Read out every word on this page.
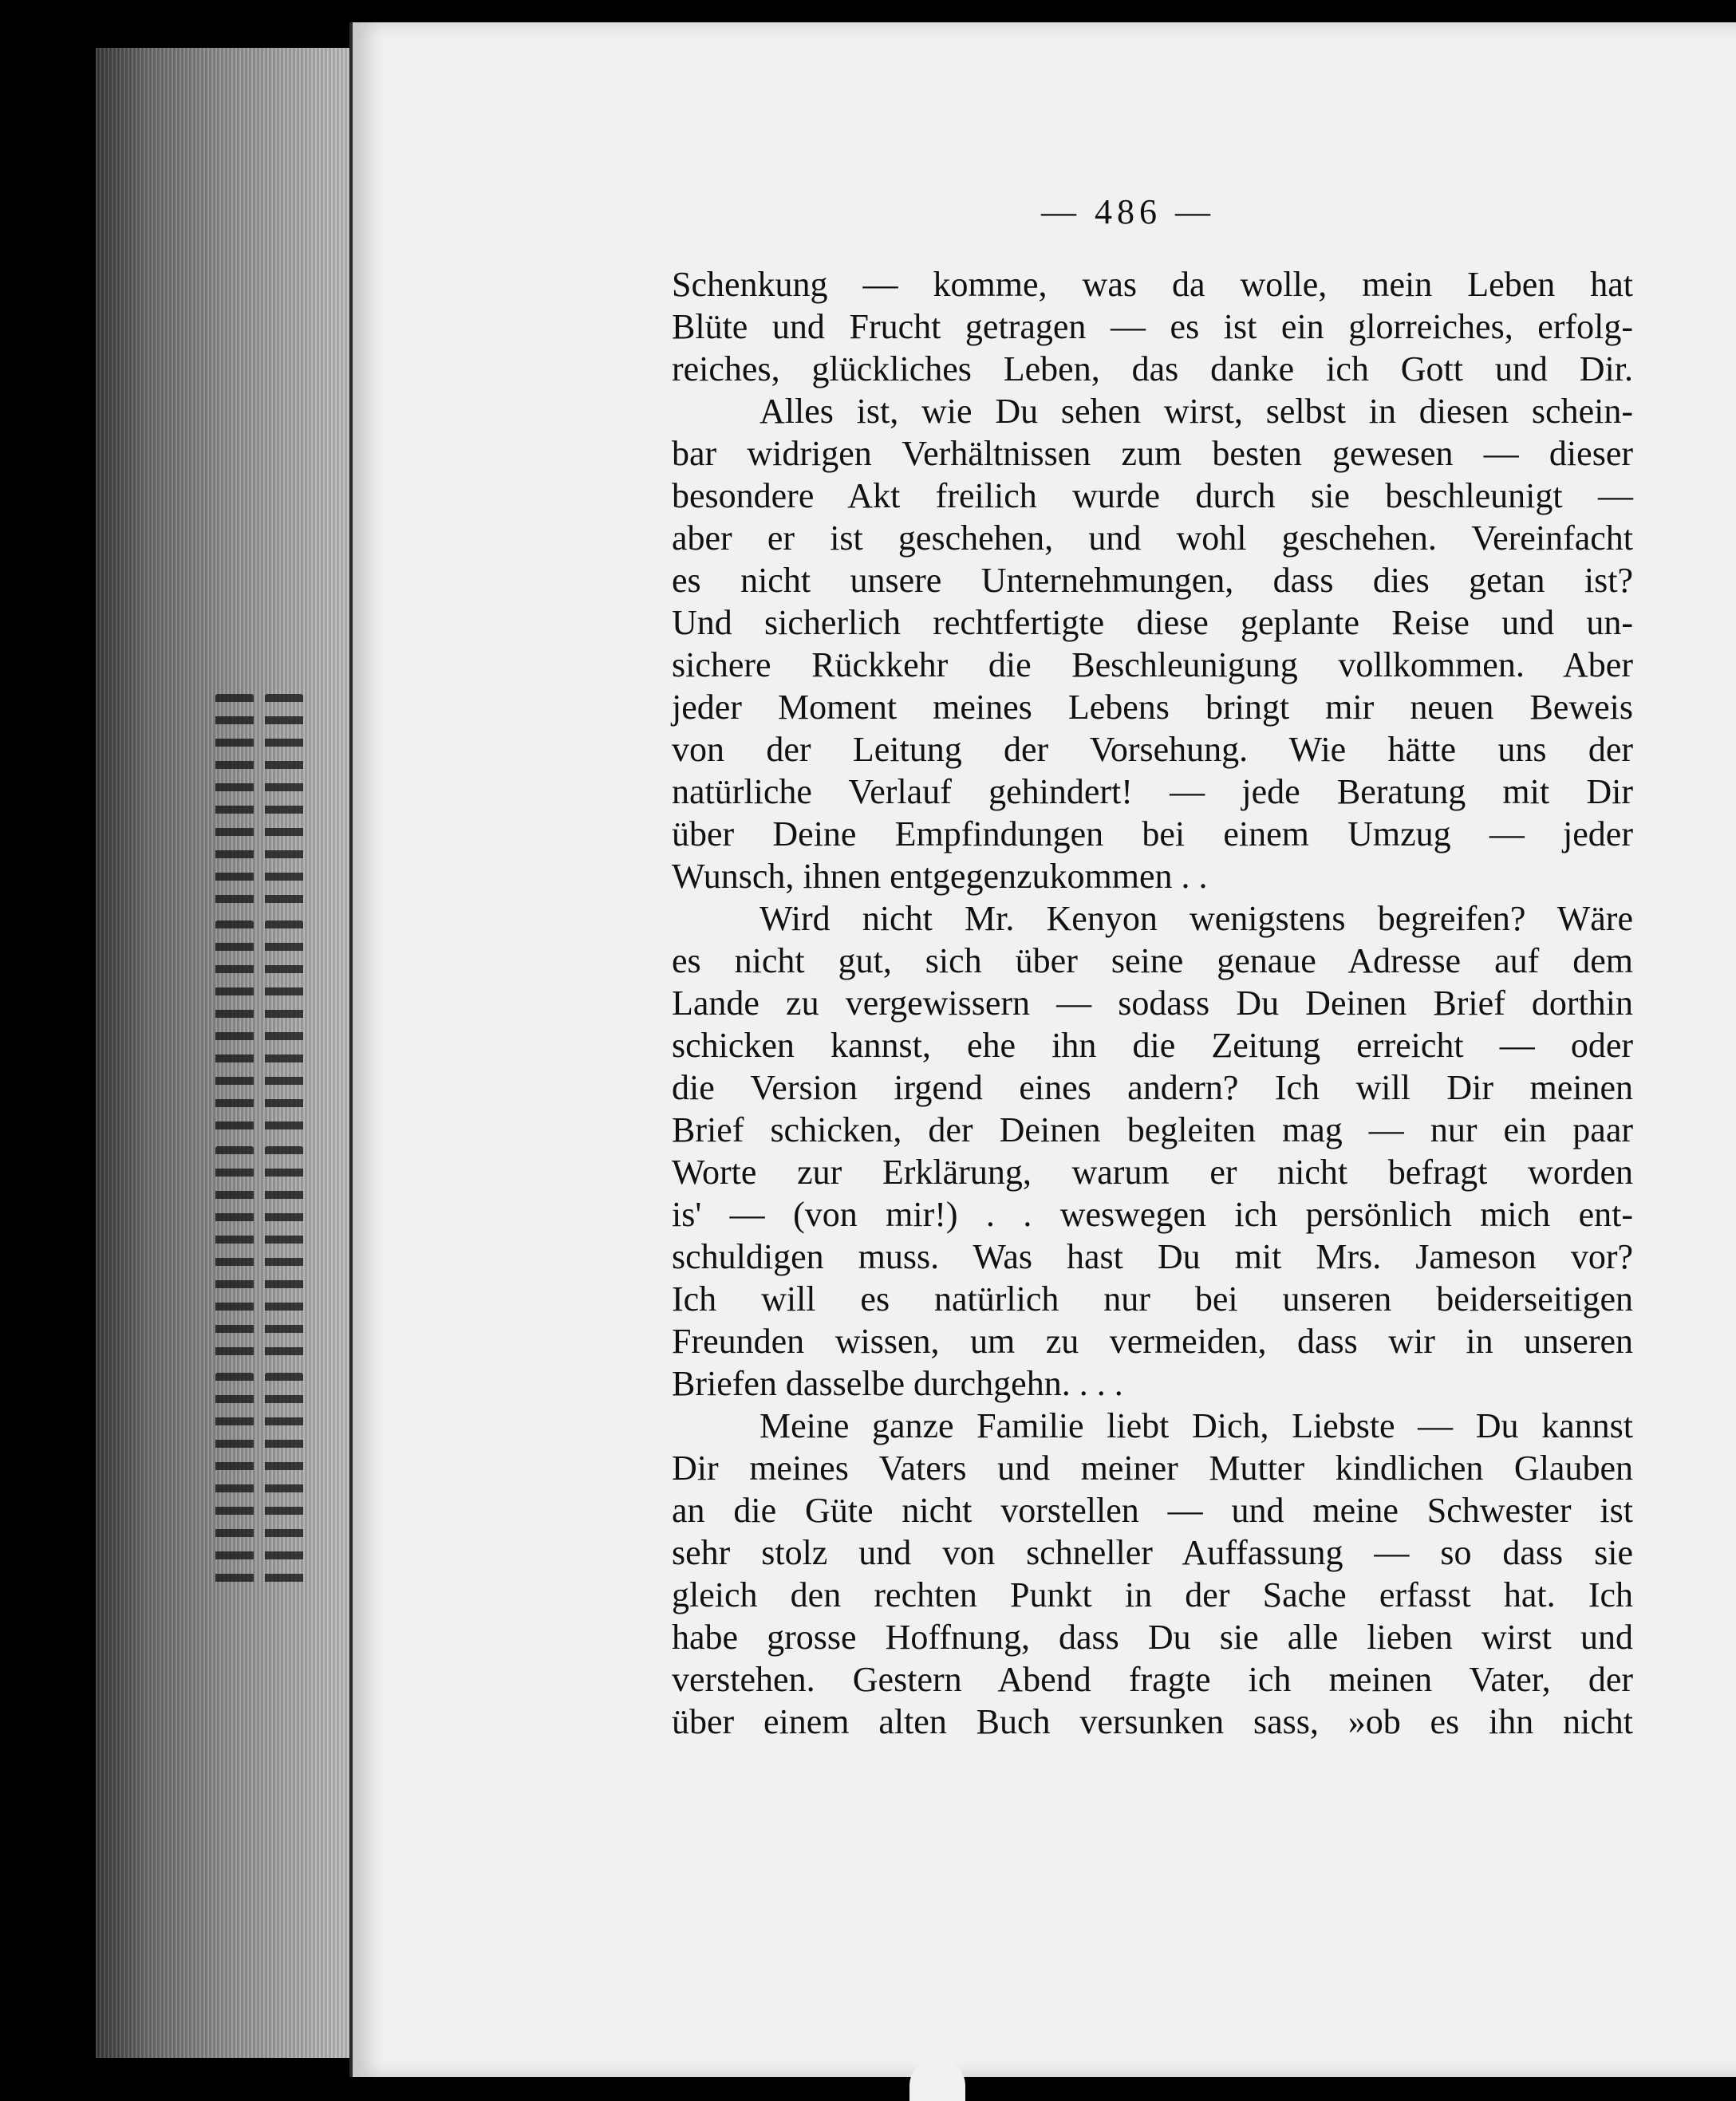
— 486 —
Schenkung — komme, was da wolle, mein Leben hat
Blüte und Frucht getragen — es ist ein glorreiches, erfolg-
reiches, glückliches Leben, das danke ich Gott und Dir.
Alles ist, wie Du sehen wirst, selbst in diesen schein-
bar widrigen Verhältnissen zum besten gewesen — dieser
besondere Akt freilich wurde durch sie beschleunigt —
aber er ist geschehen, und wohl geschehen. Vereinfacht
es nicht unsere Unternehmungen, dass dies getan ist?
Und sicherlich rechtfertigte diese geplante Reise und un-
sichere Rückkehr die Beschleunigung vollkommen. Aber
jeder Moment meines Lebens bringt mir neuen Beweis
von der Leitung der Vorsehung. Wie hätte uns der
natürliche Verlauf gehindert! — jede Beratung mit Dir
über Deine Empfindungen bei einem Umzug — jeder
Wunsch, ihnen entgegenzukommen . .
Wird nicht Mr. Kenyon wenigstens begreifen? Wäre
es nicht gut, sich über seine genaue Adresse auf dem
Lande zu vergewissern — sodass Du Deinen Brief dorthin
schicken kannst, ehe ihn die Zeitung erreicht — oder
die Version irgend eines andern? Ich will Dir meinen
Brief schicken, der Deinen begleiten mag — nur ein paar
Worte zur Erklärung, warum er nicht befragt worden
is' — (von mir!) . . weswegen ich persönlich mich ent-
schuldigen muss. Was hast Du mit Mrs. Jameson vor?
Ich will es natürlich nur bei unseren beiderseitigen
Freunden wissen, um zu vermeiden, dass wir in unseren
Briefen dasselbe durchgehn. . . .
Meine ganze Familie liebt Dich, Liebste — Du kannst
Dir meines Vaters und meiner Mutter kindlichen Glauben
an die Güte nicht vorstellen — und meine Schwester ist
sehr stolz und von schneller Auffassung — so dass sie
gleich den rechten Punkt in der Sache erfasst hat. Ich
habe grosse Hoffnung, dass Du sie alle lieben wirst und
verstehen. Gestern Abend fragte ich meinen Vater, der
über einem alten Buch versunken sass, »ob es ihn nicht
